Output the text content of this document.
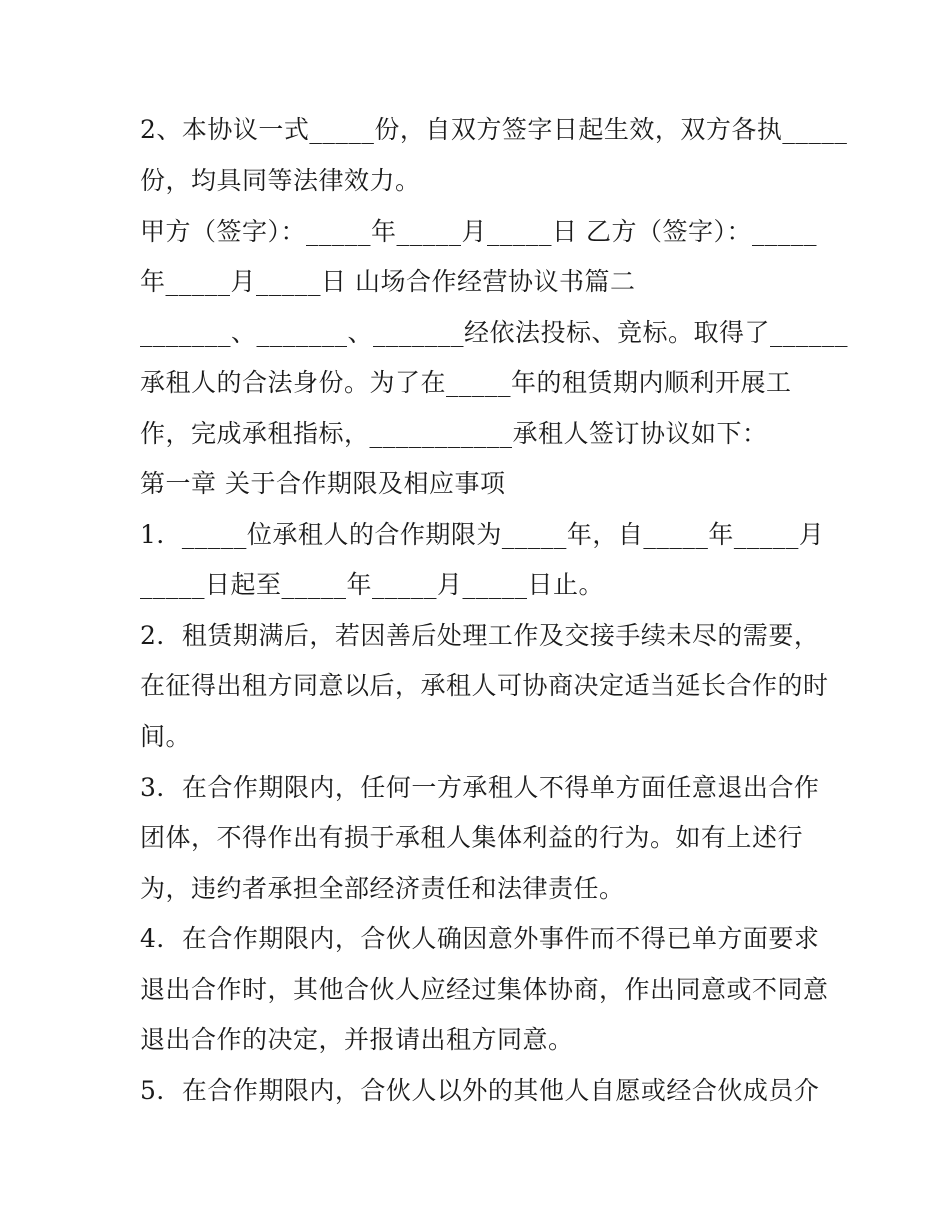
2、本协议一式_____份，自双方签字日起生效，双方各执_____
份，均具同等法律效力。
甲方（签字）：_____年_____月_____日 乙方（签字）：_____
年_____月_____日 山场合作经营协议书篇二
_______、_______、_______经依法投标、竞标。取得了______
承租人的合法身份。为了在_____年的租赁期内顺利开展工
作，完成承租指标，___________承租人签订协议如下：
第一章 关于合作期限及相应事项
1．_____位承租人的合作期限为_____年，自_____年_____月
_____日起至_____年_____月_____日止。
2．租赁期满后，若因善后处理工作及交接手续未尽的需要，
在征得出租方同意以后，承租人可协商决定适当延长合作的时
间。
3．在合作期限内，任何一方承租人不得单方面任意退出合作
团体，不得作出有损于承租人集体利益的行为。如有上述行
为，违约者承担全部经济责任和法律责任。
4．在合作期限内，合伙人确因意外事件而不得已单方面要求
退出合作时，其他合伙人应经过集体协商，作出同意或不同意
退出合作的决定，并报请出租方同意。
5．在合作期限内，合伙人以外的其他人自愿或经合伙成员介
